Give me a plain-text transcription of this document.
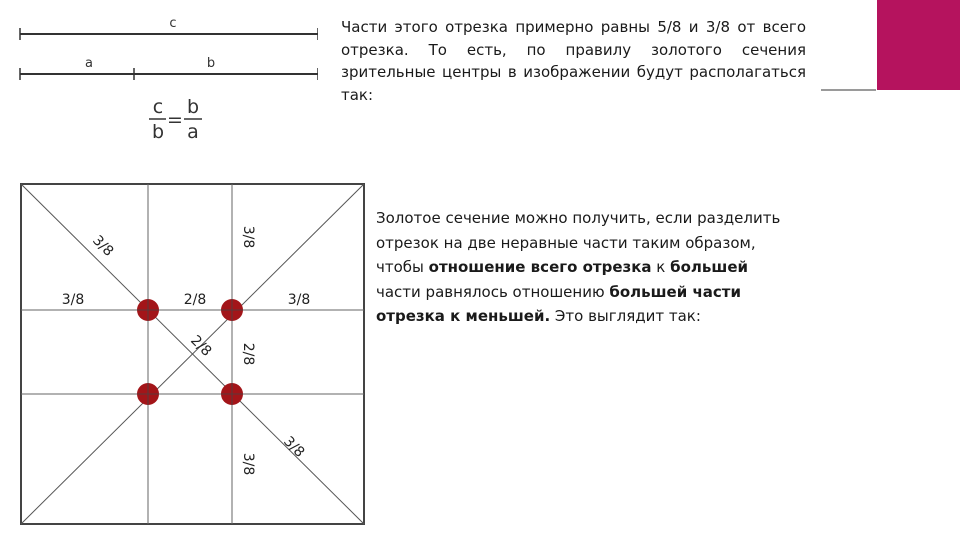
c
a	b
c
b
=
b
a

Части этого отрезка примерно равны 5/8 и 3/8 от всего отрезка. То есть, по правилу золотого сечения зрительные центры в изображении будут располагаться так:

3/8	3/8
3/8	2/8	3/8
2/8 2/8
3/8
3/8

Золотое сечение можно получить, если разделить отрезок на две неравные части таким образом, чтобы отношение всего отрезка к большей части равнялось отношению большей части отрезка к меньшей. Это выглядит так:
